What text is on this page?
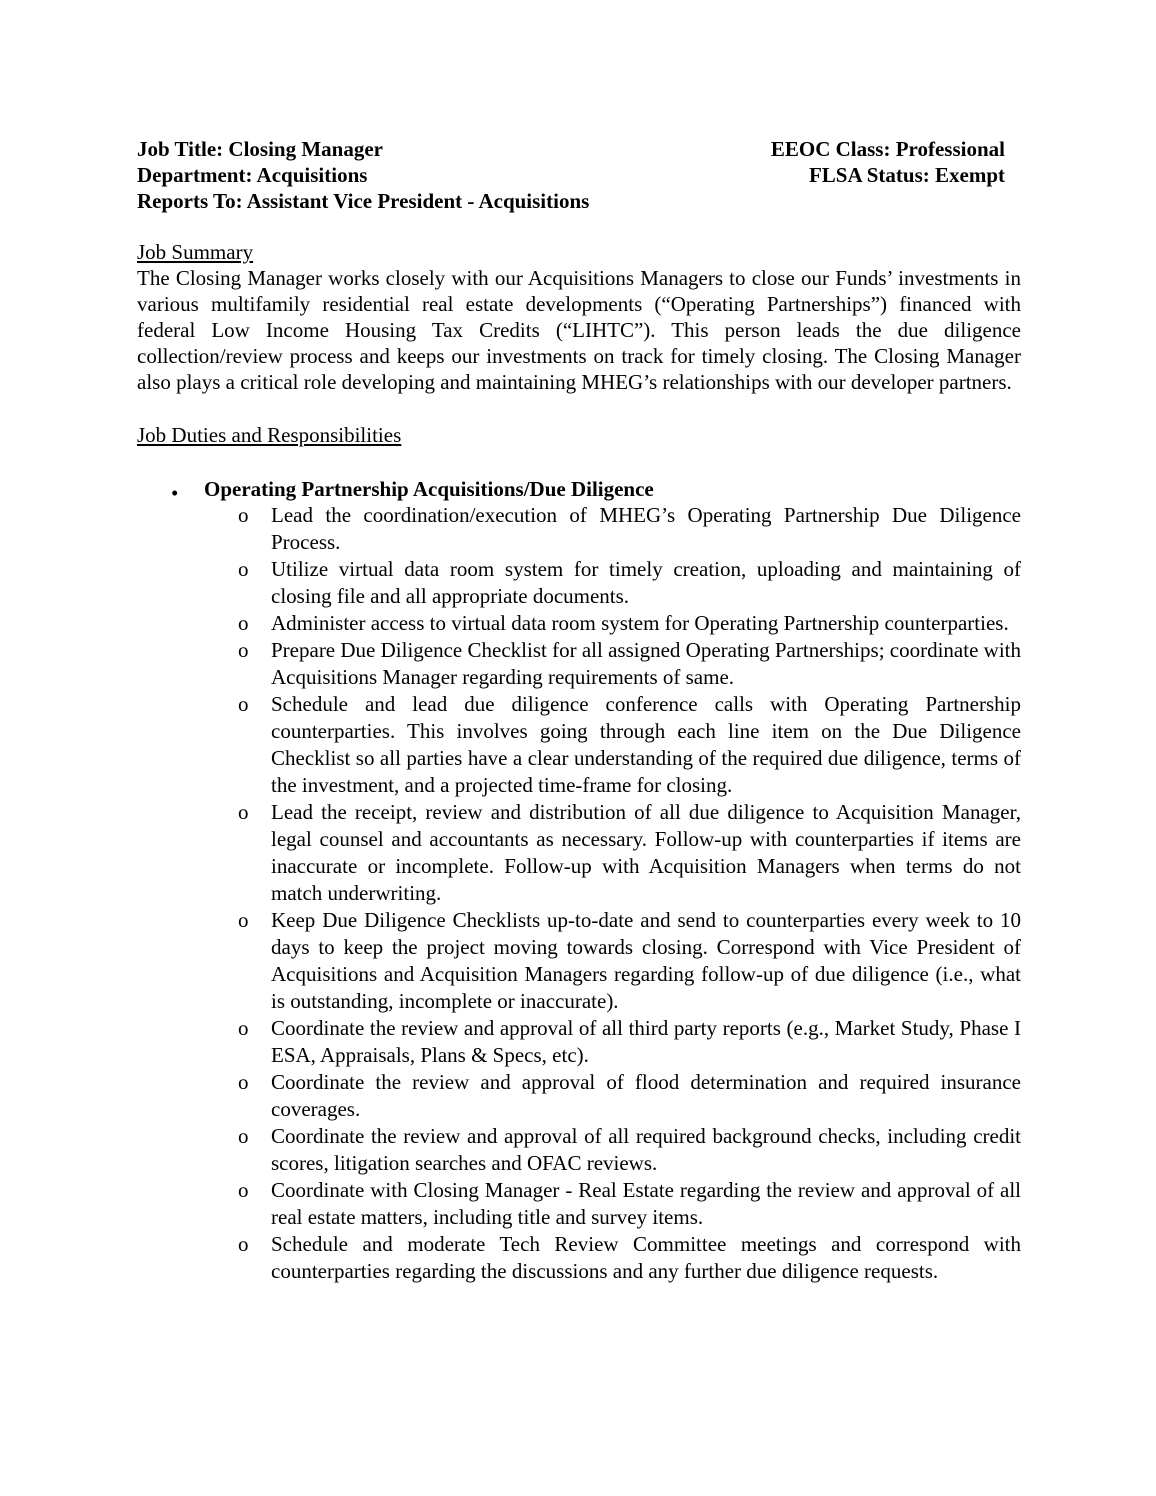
Job Title: Closing Manager
Department: Acquisitions
Reports To: Assistant Vice President - Acquisitions
EEOC Class: Professional
FLSA Status: Exempt

Job Summary

The Closing Manager works closely with our Acquisitions Managers to close our Funds’ investments in various multifamily residential real estate developments (“Operating Partnerships”) financed with federal Low Income Housing Tax Credits (“LIHTC”). This person leads the due diligence collection/review process and keeps our investments on track for timely closing. The Closing Manager also plays a critical role developing and maintaining MHEG’s relationships with our developer partners.

Job Duties and Responsibilities

• Operating Partnership Acquisitions/Due Diligence
o Lead the coordination/execution of MHEG’s Operating Partnership Due Diligence Process.
o Utilize virtual data room system for timely creation, uploading and maintaining of closing file and all appropriate documents.
o Administer access to virtual data room system for Operating Partnership counterparties.
o Prepare Due Diligence Checklist for all assigned Operating Partnerships; coordinate with Acquisitions Manager regarding requirements of same.
o Schedule and lead due diligence conference calls with Operating Partnership counterparties. This involves going through each line item on the Due Diligence Checklist so all parties have a clear understanding of the required due diligence, terms of the investment, and a projected time-frame for closing.
o Lead the receipt, review and distribution of all due diligence to Acquisition Manager, legal counsel and accountants as necessary. Follow-up with counterparties if items are inaccurate or incomplete. Follow-up with Acquisition Managers when terms do not match underwriting.
o Keep Due Diligence Checklists up-to-date and send to counterparties every week to 10 days to keep the project moving towards closing. Correspond with Vice President of Acquisitions and Acquisition Managers regarding follow-up of due diligence (i.e., what is outstanding, incomplete or inaccurate).
o Coordinate the review and approval of all third party reports (e.g., Market Study, Phase I ESA, Appraisals, Plans & Specs, etc).
o Coordinate the review and approval of flood determination and required insurance coverages.
o Coordinate the review and approval of all required background checks, including credit scores, litigation searches and OFAC reviews.
o Coordinate with Closing Manager - Real Estate regarding the review and approval of all real estate matters, including title and survey items.
o Schedule and moderate Tech Review Committee meetings and correspond with counterparties regarding the discussions and any further due diligence requests.
